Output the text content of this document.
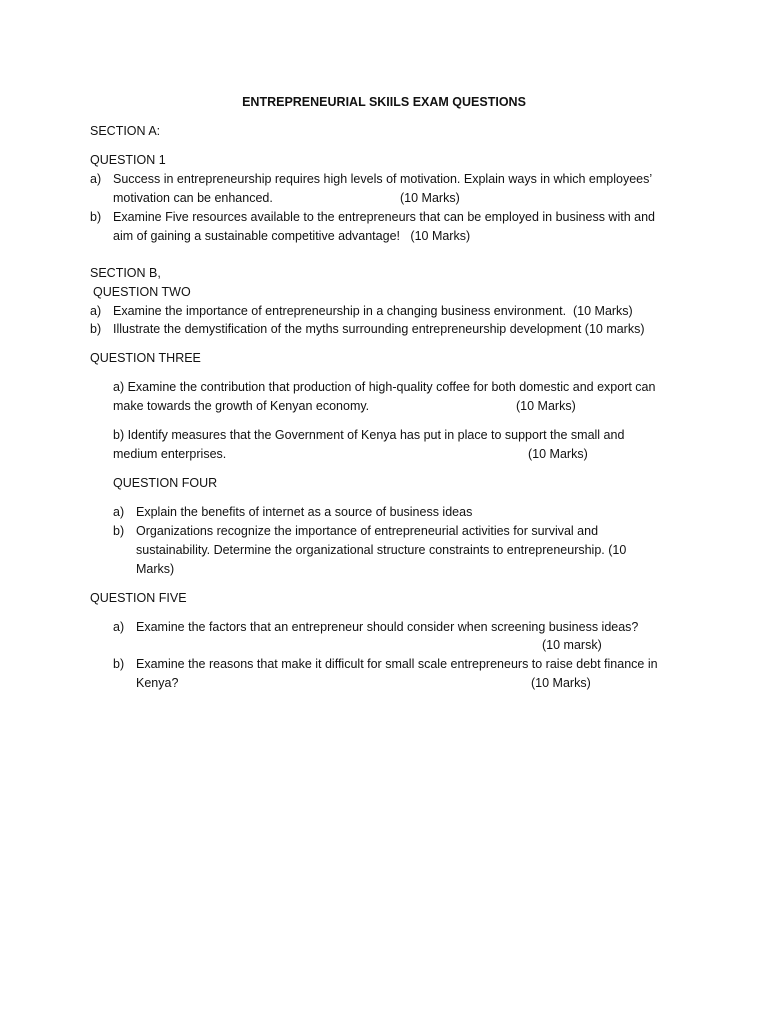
ENTREPRENEURIAL SKIILS EXAM QUESTIONS
SECTION A:
QUESTION 1
a) Success in entrepreneurship requires high levels of motivation. Explain ways in which employees’
motivation can be enhanced.	(10 Marks)
b) Examine Five resources available to the entrepreneurs that can be employed in business with and
aim of gaining a sustainable competitive advantage!   (10 Marks)
SECTION B,
QUESTION TWO
a) Examine the importance of entrepreneurship in a changing business environment.  (10 Marks)
b) Illustrate the demystification of the myths surrounding entrepreneurship development (10 marks)
QUESTION THREE
a) Examine the contribution that production of high-quality coffee for both domestic and export can
make towards the growth of Kenyan economy.	(10 Marks)
b) Identify measures that the Government of Kenya has put in place to support the small and
medium enterprises.	(10 Marks)
QUESTION FOUR
a) Explain the benefits of internet as a source of business ideas
b) Organizations recognize the importance of entrepreneurial activities for survival and
sustainability. Determine the organizational structure constraints to entrepreneurship. (10
Marks)
QUESTION FIVE
a) Examine the factors that an entrepreneur should consider when screening business ideas?
(10 marsk)
b) Examine the reasons that make it difficult for small scale entrepreneurs to raise debt finance in
Kenya?	(10 Marks)
